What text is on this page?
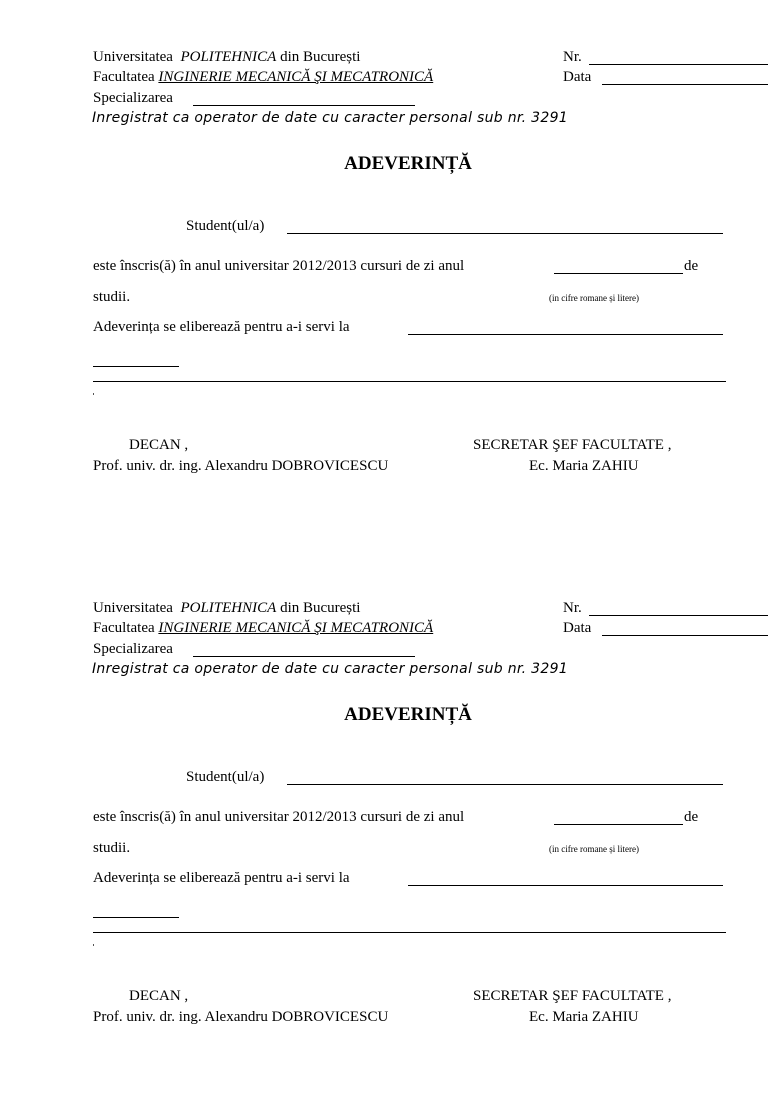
Universitatea POLITEHNICA din București
Facultatea INGINERIE MECANICĂ ŞI MECATRONICĂ
Specializarea
Nr.
Data
Inregistrat ca operator de date cu caracter personal sub nr. 3291
ADEVERINȚĂ
Student(ul/a)
este înscris(ă) în anul universitar 2012/2013 cursuri de zi anul	de
studii.	(in cifre romane și litere)
Adeverința se eliberează pentru a-i servi la
DECAN ,
Prof. univ. dr. ing. Alexandru DOBROVICESCU
SECRETAR ŞEF FACULTATE ,
Ec. Maria ZAHIU
Universitatea POLITEHNICA din București
Facultatea INGINERIE MECANICĂ ŞI MECATRONICĂ
Specializarea
Nr.
Data
Inregistrat ca operator de date cu caracter personal sub nr. 3291
ADEVERINȚĂ
Student(ul/a)
este înscris(ă) în anul universitar 2012/2013 cursuri de zi anul	de
studii.	(in cifre romane și litere)
Adeverința se eliberează pentru a-i servi la
DECAN ,
Prof. univ. dr. ing. Alexandru DOBROVICESCU
SECRETAR ŞEF FACULTATE ,
Ec. Maria ZAHIU
